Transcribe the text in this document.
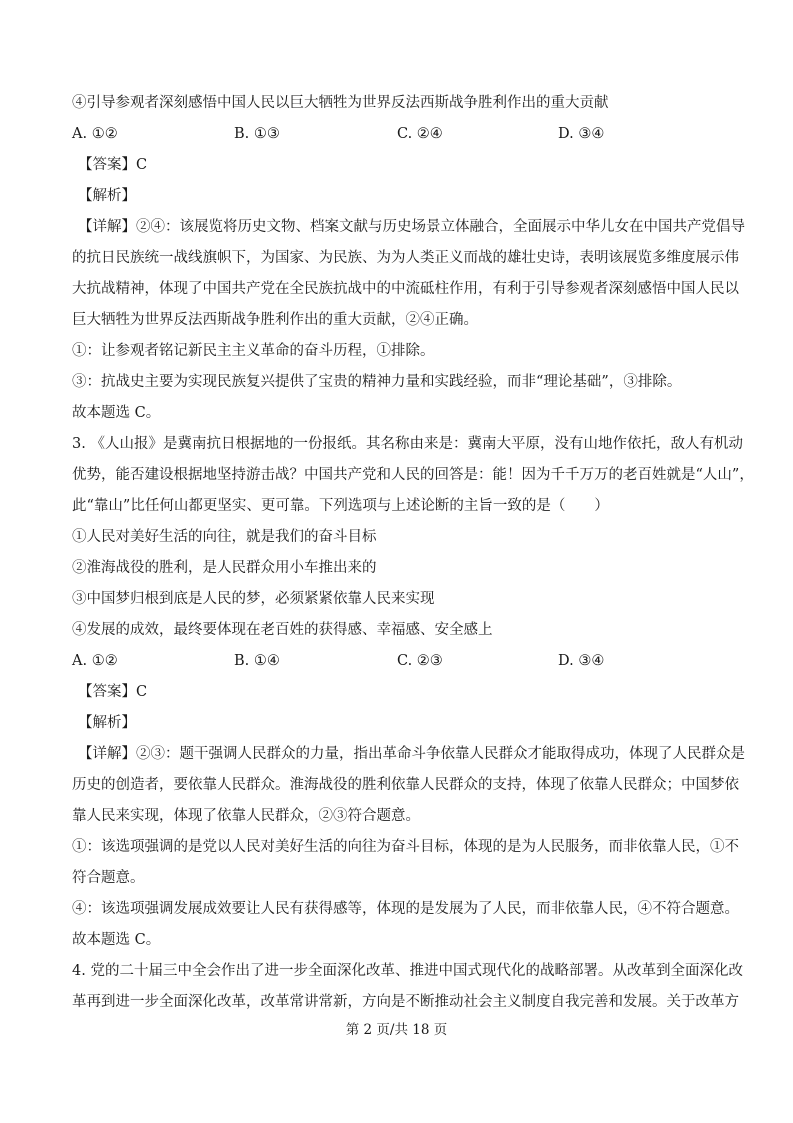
④引导参观者深刻感悟中国人民以巨大牺牲为世界反法西斯战争胜利作出的重大贡献
A. ①②	B. ①③	C. ②④	D. ③④
【答案】C
【解析】
【详解】②④：该展览将历史文物、档案文献与历史场景立体融合，全面展示中华儿女在中国共产党倡导
的抗日民族统一战线旗帜下，为国家、为民族、为为人类正义而战的雄壮史诗，表明该展览多维度展示伟
大抗战精神，体现了中国共产党在全民族抗战中的中流砥柱作用，有利于引导参观者深刻感悟中国人民以
巨大牺牲为世界反法西斯战争胜利作出的重大贡献，②④正确。
①：让参观者铭记新民主主义革命的奋斗历程，①排除。
③：抗战史主要为实现民族复兴提供了宝贵的精神力量和实践经验，而非“理论基础”，③排除。
故本题选 C。
3. 《人山报》是冀南抗日根据地的一份报纸。其名称由来是：冀南大平原，没有山地作依托，敌人有机动
优势，能否建设根据地坚持游击战？中国共产党和人民的回答是：能！因为千千万万的老百姓就是“人山”，
此“靠山”比任何山都更坚实、更可靠。下列选项与上述论断的主旨一致的是（　　）
①人民对美好生活的向往，就是我们的奋斗目标
②淮海战役的胜利，是人民群众用小车推出来的
③中国梦归根到底是人民的梦，必须紧紧依靠人民来实现
④发展的成效，最终要体现在老百姓的获得感、幸福感、安全感上
A. ①②	B. ①④	C. ②③	D. ③④
【答案】C
【解析】
【详解】②③：题干强调人民群众的力量，指出革命斗争依靠人民群众才能取得成功，体现了人民群众是
历史的创造者，要依靠人民群众。淮海战役的胜利依靠人民群众的支持，体现了依靠人民群众；中国梦依
靠人民来实现，体现了依靠人民群众，②③符合题意。
①：该选项强调的是党以人民对美好生活的向往为奋斗目标，体现的是为人民服务，而非依靠人民，①不
符合题意。
④：该选项强调发展成效要让人民有获得感等，体现的是发展为了人民，而非依靠人民，④不符合题意。
故本题选 C。
4. 党的二十届三中全会作出了进一步全面深化改革、推进中国式现代化的战略部署。从改革到全面深化改
革再到进一步全面深化改革，改革常讲常新，方向是不断推动社会主义制度自我完善和发展。关于改革方
第 2 页/共 18 页
